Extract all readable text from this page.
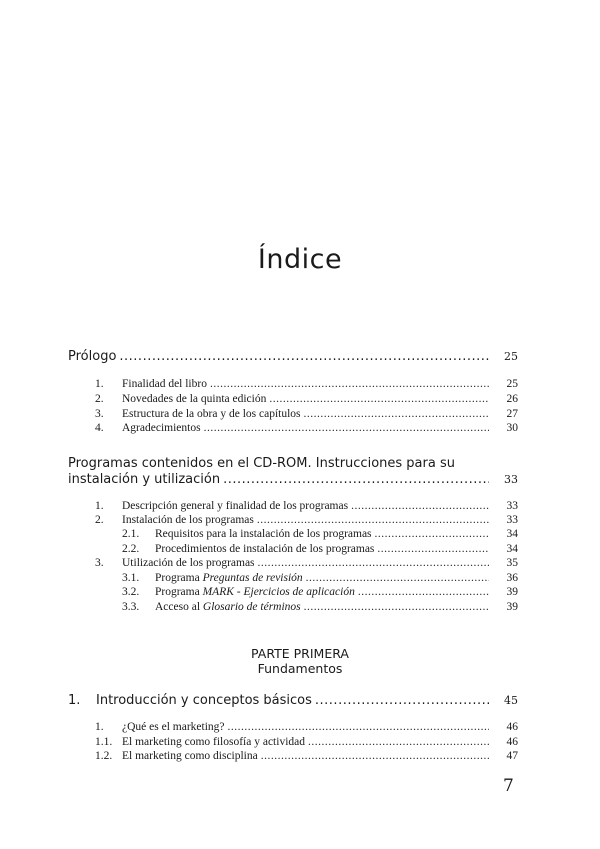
Índice
Prólogo .....	25
1.	Finalidad del libro .....	25
2.	Novedades de la quinta edición .....	26
3.	Estructura de la obra y de los capítulos .....	27
4.	Agradecimientos .....	30
Programas contenidos en el CD-ROM. Instrucciones para su
instalación y utilización .....	33
1.	Descripción general y finalidad de los programas .....	33
2.	Instalación de los programas .....	33
2.1.	Requisitos para la instalación de los programas .....	34
2.2.	Procedimientos de instalación de los programas .....	34
3.	Utilización de los programas .....	35
3.1.	Programa Preguntas de revisión .....	36
3.2.	Programa MARK - Ejercicios de aplicación .....	39
3.3.	Acceso al Glosario de términos .....	39
PARTE PRIMERA
Fundamentos
1.	Introducción y conceptos básicos .....	45
1.	¿Qué es el marketing? .....	46
1.1. El marketing como filosofía y actividad .....	46
1.2. El marketing como disciplina .....	47
7
